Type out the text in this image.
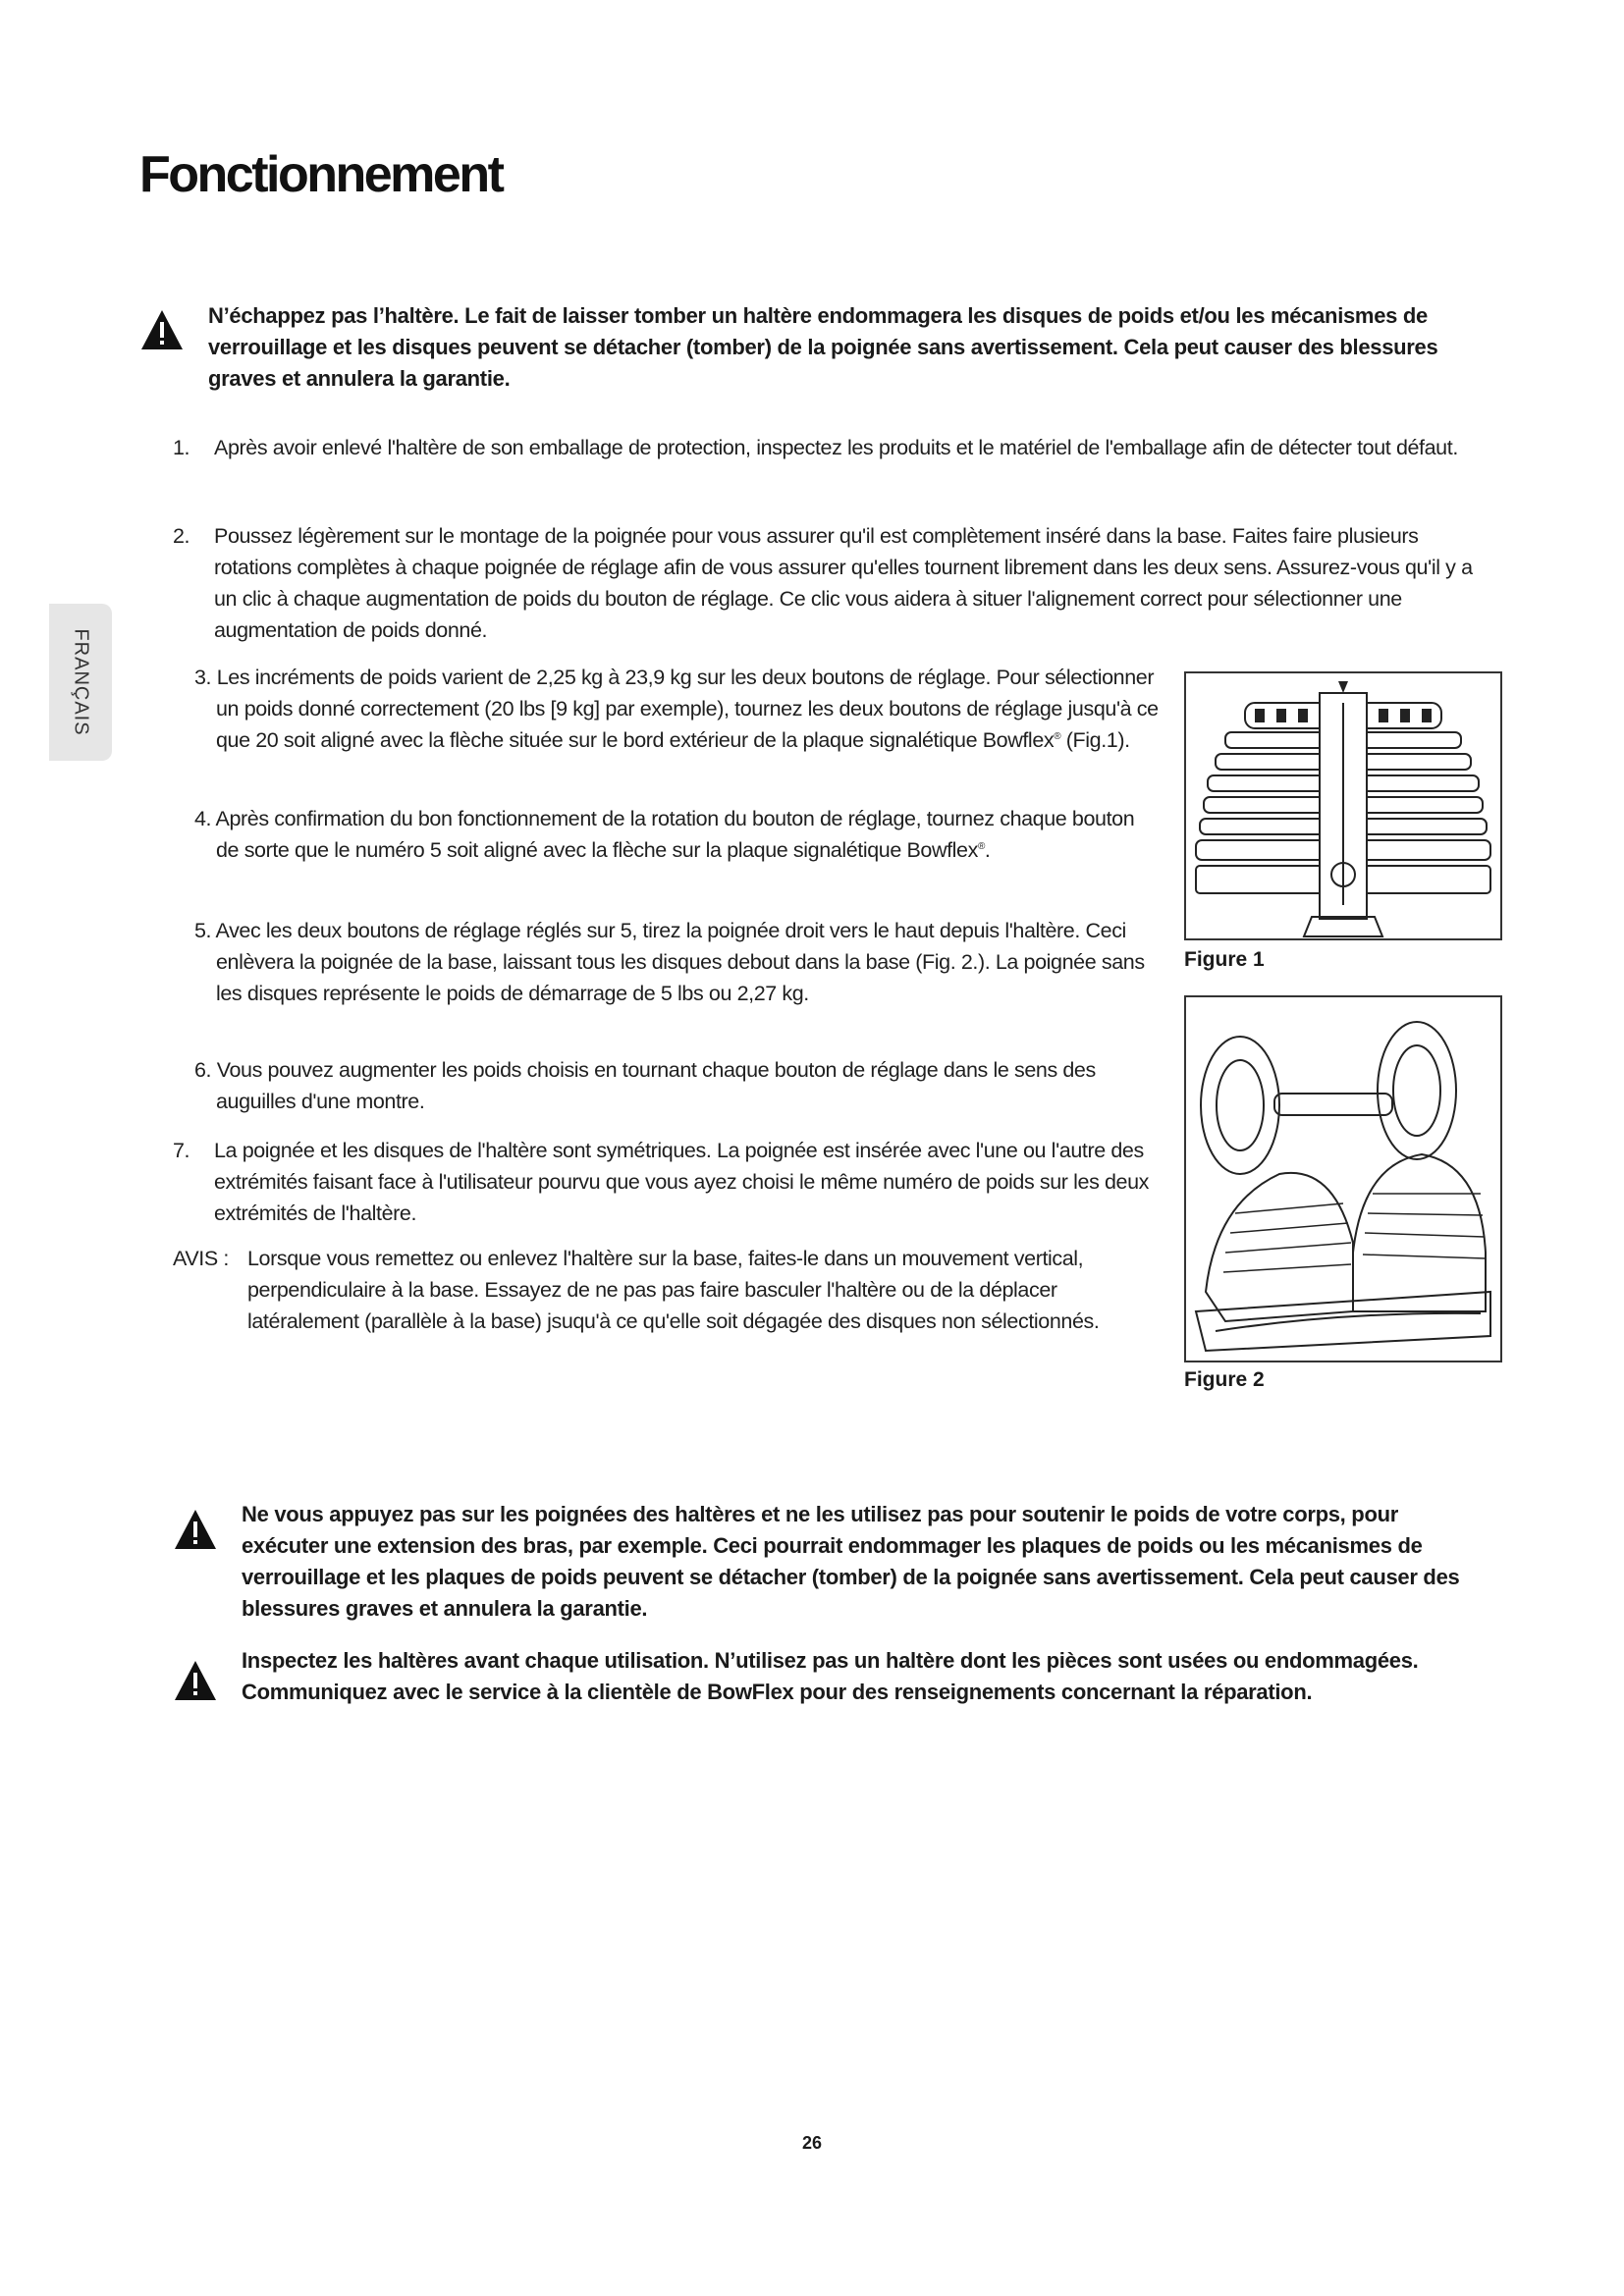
Fonctionnement
FRANÇAIS

N’échappez pas l’haltère. Le fait de laisser tomber un haltère endommagera les disques de poids et/ou les mécanismes de verrouillage et les disques peuvent se détacher (tomber) de la poignée sans avertissement. Cela peut causer des blessures graves et annulera la garantie.

1.	Après avoir enlevé l'haltère de son emballage de protection, inspectez les produits et le matériel de l'emballage afin de détecter tout défaut.

2.	Poussez légèrement sur le montage de la poignée pour vous assurer qu'il est complètement inséré dans la base. Faites faire plusieurs rotations complètes à chaque poignée de réglage afin de vous assurer qu'elles tournent librement dans les deux sens. Assurez-vous qu'il y a un clic à chaque augmentation de poids du bouton de réglage. Ce clic vous aidera à situer l'alignement correct pour sélectionner une augmentation de poids donné.

3. Les incréments de poids varient de 2,25 kg à 23,9 kg sur les deux boutons de réglage. Pour sélectionner un poids donné correctement (20 lbs [9 kg] par exemple), tournez les deux boutons de réglage jusqu'à ce que 20 soit aligné avec la flèche située sur le bord extérieur de la plaque signalétique Bowflex® (Fig.1).

4. Après confirmation du bon fonctionnement de la rotation du bouton de réglage, tournez chaque bouton de sorte que le numéro 5 soit aligné avec la flèche sur la plaque signalétique Bowflex®.

5. Avec les deux boutons de réglage réglés sur 5, tirez la poignée droit vers le haut depuis l'haltère. Ceci enlèvera la poignée de la base, laissant tous les disques debout dans la base (Fig. 2.). La poignée sans les disques représente le poids de démarrage de 5 lbs ou 2,27 kg.

6. Vous pouvez augmenter les poids choisis en tournant chaque bouton de réglage dans le sens des auguilles d'une montre.

7.	La poignée et les disques de l'haltère sont symétriques. La poignée est insérée avec l'une ou l'autre des extrémités faisant face à l'utilisateur pourvu que vous ayez choisi le même numéro de poids sur les deux extrémités de l'haltère.

AVIS : Lorsque vous remettez ou enlevez l'haltère sur la base, faites-le dans un mouvement vertical, perpendiculaire à la base. Essayez de ne pas pas faire basculer l'haltère ou de la déplacer latéralement (parallèle à la base) jsuqu'à ce qu'elle soit dégagée des disques non sélectionnés.

Figure 1

Figure 2

Ne vous appuyez pas sur les poignées des haltères et ne les utilisez pas pour soutenir le poids de votre corps, pour exécuter une extension des bras, par exemple. Ceci pourrait endommager les plaques de poids ou les mécanismes de verrouillage et les plaques de poids peuvent se détacher (tomber) de la poignée sans avertissement. Cela peut causer des blessures graves et annulera la garantie.

Inspectez les haltères avant chaque utilisation. N’utilisez pas un haltère dont les pièces sont usées ou endommagées. Communiquez avec le service à la clientèle de BowFlex pour des renseignements concernant la réparation.

26
